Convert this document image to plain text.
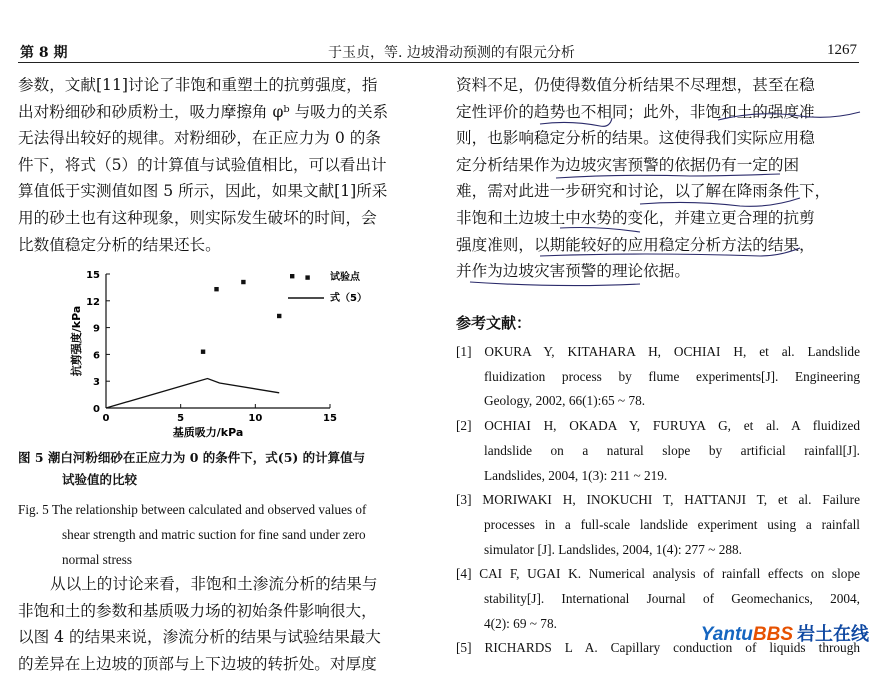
第 8 期	于玉贞，等. 边坡滑动预测的有限元分析	1267

参数，文献[11]讨论了非饱和重塑土的抗剪强度，指
出对粉细砂和砂质粉土，吸力摩擦角 φᵇ 与吸力的关系
无法得出较好的规律。对粉细砂，在正应力为 0 的条
件下，将式（5）的计算值与试验值相比，可以看出计
算值低于实测值如图 5 所示，因此，如果文献[1]所采
用的砂土也有这种现象，则实际发生破坏的时间，会
比数值稳定分析的结果还长。

0	5	10	15
0
3
6
9
12
15	试验点
式（5）
基质吸力/kPa
抗剪强度/kPa
图 5 潮白河粉细砂在正应力为 0 的条件下，式(5) 的计算值与
试验值的比较
Fig. 5 The relationship between calculated and observed values of
shear strength and matric suction for fine sand under zero
normal stress

从以上的讨论来看，非饱和土渗流分析的结果与
非饱和土的参数和基质吸力场的初始条件影响很大，
以图 4 的结果来说，渗流分析的结果与试验结果最大
的差异在上边坡的顶部与上下边坡的转折处。对厚度

资料不足，仍使得数值分析结果不尽理想，甚至在稳
定性评价的趋势也不相同；此外，非饱和土的强度准
则，也影响稳定分析的结果。这使得我们实际应用稳
定分析结果作为边坡灾害预警的依据仍有一定的困
难，需对此进一步研究和讨论，以了解在降雨条件下，
非饱和土边坡土中水势的变化，并建立更合理的抗剪
强度准则，以期能较好的应用稳定分析方法的结果，
并作为边坡灾害预警的理论依据。

参考文献：
[1] OKURA Y, KITAHARA H, OCHIAI H, et al. Landslide
fluidization process by flume experiments[J]. Engineering
Geology, 2002, 66(1):65 ~ 78.
[2] OCHIAI H, OKADA Y, FURUYA G, et al. A fluidized
landslide on a natural slope by artificial rainfall[J].
Landslides, 2004, 1(3): 211 ~ 219.
[3] MORIWAKI H, INOKUCHI T, HATTANJI T, et al. Failure
processes in a full-scale landslide experiment using a rainfall
simulator [J]. Landslides, 2004, 1(4): 277 ~ 288.
[4] CAI F, UGAI K. Numerical analysis of rainfall effects on slope
stability[J]. International Journal of Geomechanics, 2004,
4(2): 69 ~ 78.
[5] RICHARDS L A. Capillary conduction of liquids through
YantuBBS 岩土在线
